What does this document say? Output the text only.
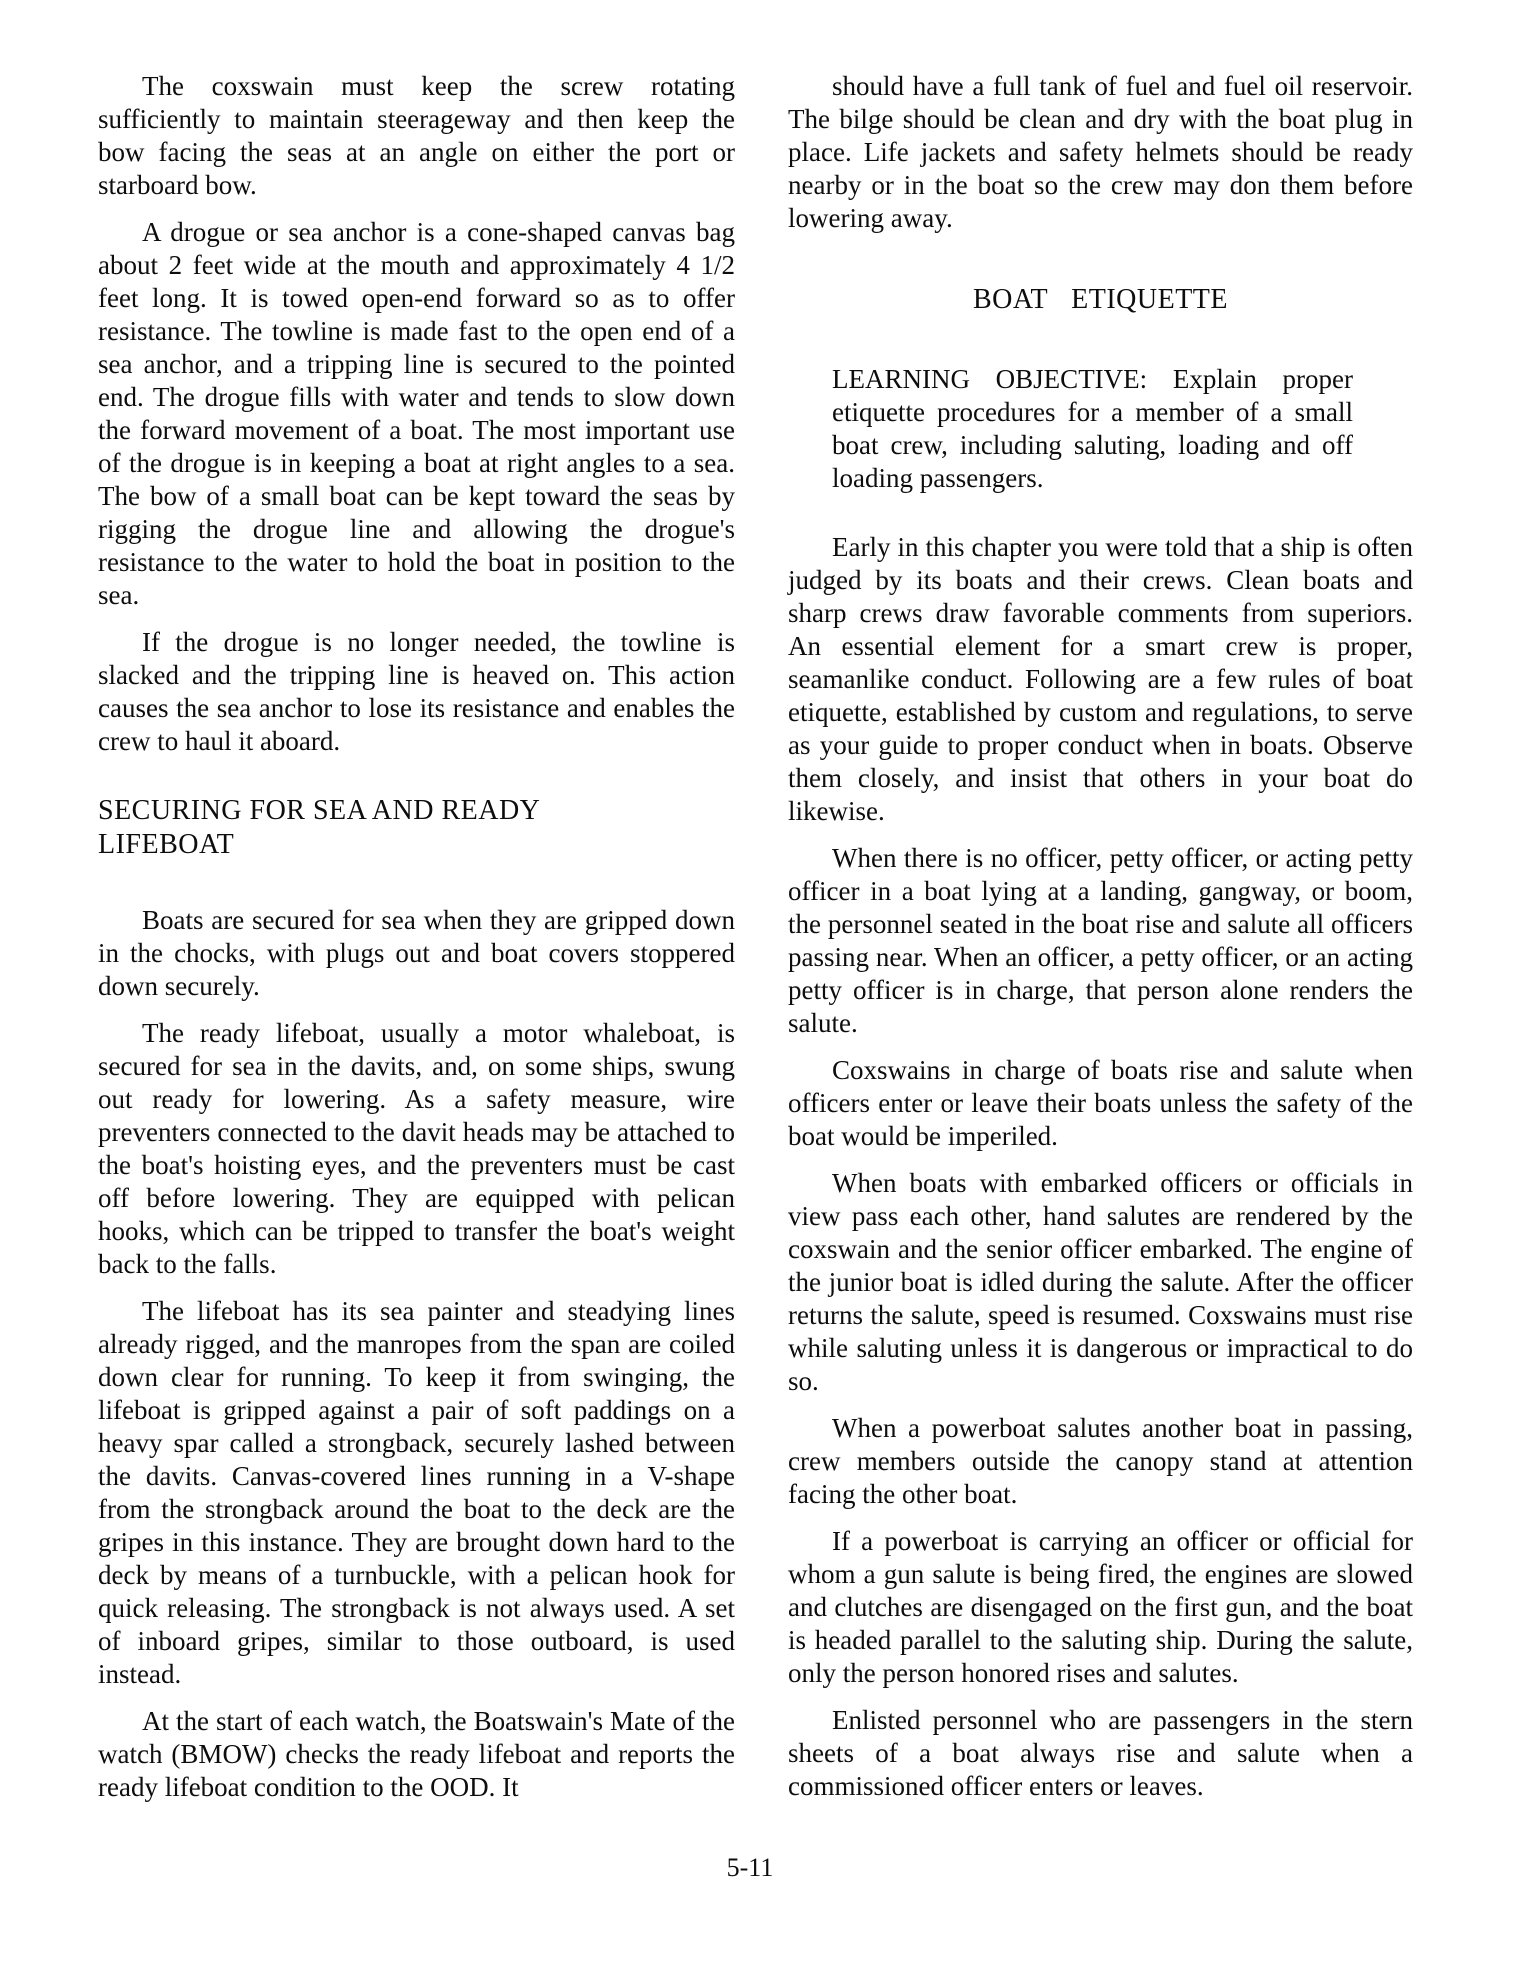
The coxswain must keep the screw rotating sufficiently to maintain steerageway and then keep the bow facing the seas at an angle on either the port or starboard bow.

A drogue or sea anchor is a cone-shaped canvas bag about 2 feet wide at the mouth and approximately 4 1/2 feet long. It is towed open-end forward so as to offer resistance. The towline is made fast to the open end of a sea anchor, and a tripping line is secured to the pointed end. The drogue fills with water and tends to slow down the forward movement of a boat. The most important use of the drogue is in keeping a boat at right angles to a sea. The bow of a small boat can be kept toward the seas by rigging the drogue line and allowing the drogue's resistance to the water to hold the boat in position to the sea.

If the drogue is no longer needed, the towline is slacked and the tripping line is heaved on. This action causes the sea anchor to lose its resistance and enables the crew to haul it aboard.

SECURING FOR SEA AND READY
LIFEBOAT

Boats are secured for sea when they are gripped down in the chocks, with plugs out and boat covers stoppered down securely.

The ready lifeboat, usually a motor whaleboat, is secured for sea in the davits, and, on some ships, swung out ready for lowering. As a safety measure, wire preventers connected to the davit heads may be attached to the boat's hoisting eyes, and the preventers must be cast off before lowering. They are equipped with pelican hooks, which can be tripped to transfer the boat's weight back to the falls.

The lifeboat has its sea painter and steadying lines already rigged, and the manropes from the span are coiled down clear for running. To keep it from swinging, the lifeboat is gripped against a pair of soft paddings on a heavy spar called a strongback, securely lashed between the davits. Canvas-covered lines running in a V-shape from the strongback around the boat to the deck are the gripes in this instance. They are brought down hard to the deck by means of a turnbuckle, with a pelican hook for quick releasing. The strongback is not always used. A set of inboard gripes, similar to those outboard, is used instead.

At the start of each watch, the Boatswain's Mate of the watch (BMOW) checks the ready lifeboat and reports the ready lifeboat condition to the OOD. It

should have a full tank of fuel and fuel oil reservoir. The bilge should be clean and dry with the boat plug in place. Life jackets and safety helmets should be ready nearby or in the boat so the crew may don them before lowering away.

BOAT ETIQUETTE
LEARNING OBJECTIVE: Explain proper etiquette procedures for a member of a small boat crew, including saluting, loading and off loading passengers.

Early in this chapter you were told that a ship is often judged by its boats and their crews. Clean boats and sharp crews draw favorable comments from superiors. An essential element for a smart crew is proper, seamanlike conduct. Following are a few rules of boat etiquette, established by custom and regulations, to serve as your guide to proper conduct when in boats. Observe them closely, and insist that others in your boat do likewise.

When there is no officer, petty officer, or acting petty officer in a boat lying at a landing, gangway, or boom, the personnel seated in the boat rise and salute all officers passing near. When an officer, a petty officer, or an acting petty officer is in charge, that person alone renders the salute.

Coxswains in charge of boats rise and salute when officers enter or leave their boats unless the safety of the boat would be imperiled.

When boats with embarked officers or officials in view pass each other, hand salutes are rendered by the coxswain and the senior officer embarked. The engine of the junior boat is idled during the salute. After the officer returns the salute, speed is resumed. Coxswains must rise while saluting unless it is dangerous or impractical to do so.

When a powerboat salutes another boat in passing, crew members outside the canopy stand at attention facing the other boat.

If a powerboat is carrying an officer or official for whom a gun salute is being fired, the engines are slowed and clutches are disengaged on the first gun, and the boat is headed parallel to the saluting ship. During the salute, only the person honored rises and salutes.

Enlisted personnel who are passengers in the stern sheets of a boat always rise and salute when a commissioned officer enters or leaves.

5-11
